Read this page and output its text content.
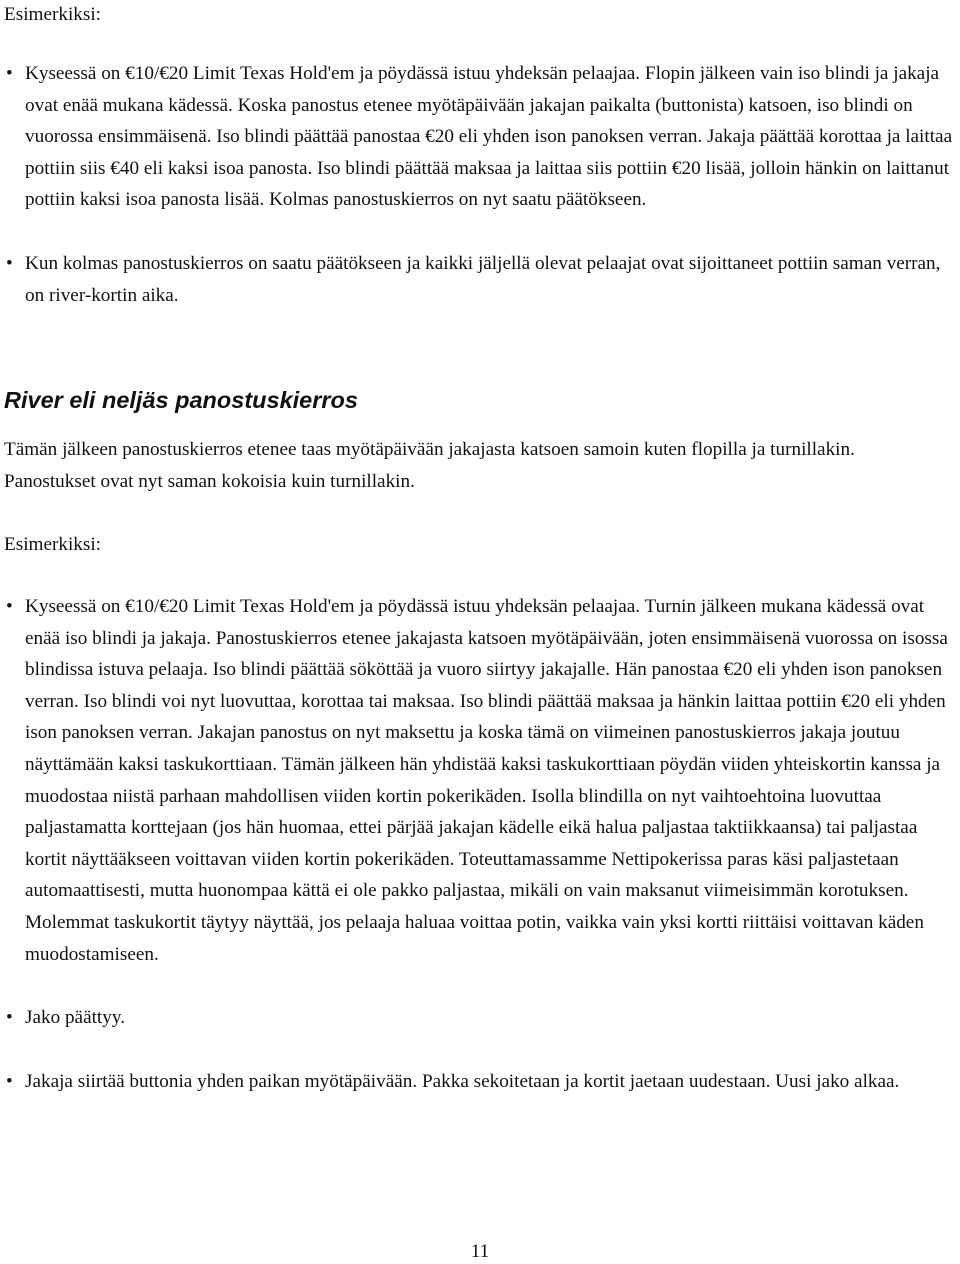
Esimerkiksi:

• Kyseessä on €10/€20 Limit Texas Hold'em ja pöydässä istuu yhdeksän pelaajaa. Flopin jälkeen vain iso blindi ja jakaja ovat enää mukana kädessä. Koska panostus etenee myötäpäivään jakajan paikalta (buttonista) katsoen, iso blindi on vuorossa ensimmäisenä. Iso blindi päättää panostaa €20 eli yhden ison panoksen verran. Jakaja päättää korottaa ja laittaa pottiin siis €40 eli kaksi isoa panosta. Iso blindi päättää maksaa ja laittaa siis pottiin €20 lisää, jolloin hänkin on laittanut pottiin kaksi isoa panosta lisää. Kolmas panostuskierros on nyt saatu päätökseen.
• Kun kolmas panostuskierros on saatu päätökseen ja kaikki jäljellä olevat pelaajat ovat sijoittaneet pottiin saman verran, on river-kortin aika.
River eli neljäs panostuskierros

Tämän jälkeen panostuskierros etenee taas myötäpäivään jakajasta katsoen samoin kuten flopilla ja turnillakin. Panostukset ovat nyt saman kokoisia kuin turnillakin.

Esimerkiksi:

• Kyseessä on €10/€20 Limit Texas Hold'em ja pöydässä istuu yhdeksän pelaajaa. Turnin jälkeen mukana kädessä ovat enää iso blindi ja jakaja. Panostuskierros etenee jakajasta katsoen myötäpäivään, joten ensimmäisenä vuorossa on isossa blindissa istuva pelaaja. Iso blindi päättää sököttää ja vuoro siirtyy jakajalle. Hän panostaa €20 eli yhden ison panoksen verran. Iso blindi voi nyt luovuttaa, korottaa tai maksaa. Iso blindi päättää maksaa ja hänkin laittaa pottiin €20 eli yhden ison panoksen verran. Jakajan panostus on nyt maksettu ja koska tämä on viimeinen panostuskierros jakaja joutuu näyttämään kaksi taskukorttiaan. Tämän jälkeen hän yhdistää kaksi taskukorttiaan pöydän viiden yhteiskortin kanssa ja muodostaa niistä parhaan mahdollisen viiden kortin pokerikäden. Isolla blindilla on nyt vaihtoehtoina luovuttaa paljastamatta korttejaan (jos hän huomaa, ettei pärjää jakajan kädelle eikä halua paljastaa taktiikkaansa) tai paljastaa kortit näyttääkseen voittavan viiden kortin pokerikäden. Toteuttamassamme Nettipokerissa paras käsi paljastetaan automaattisesti, mutta huonompaa kättä ei ole pakko paljastaa, mikäli on vain maksanut viimeisimmän korotuksen. Molemmat taskukortit täytyy näyttää, jos pelaaja haluaa voittaa potin, vaikka vain yksi kortti riittäisi voittavan käden muodostamiseen.
• Jako päättyy.
• Jakaja siirtää buttonia yhden paikan myötäpäivään. Pakka sekoitetaan ja kortit jaetaan uudestaan. Uusi jako alkaa.
11
